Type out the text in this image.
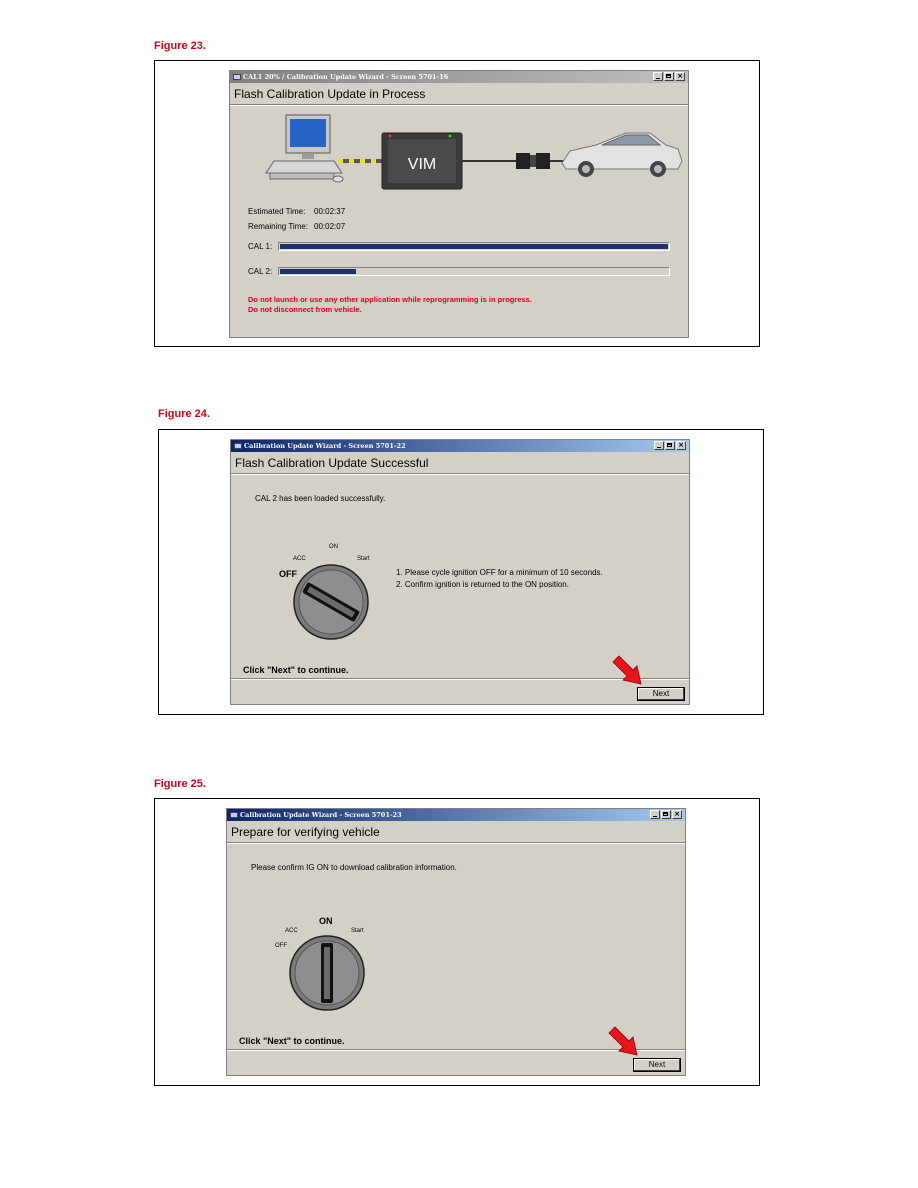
Figure 23.
CAL1 20% / Calibration Update Wizard - Screen 5701-16	×
Flash Calibration Update in Process
VIM
Estimated Time: 00:02:37
Remaining Time: 00:02:07
CAL 1:
CAL 2:
Do not launch or use any other application while reprogramming is in progress.
Do not disconnect from vehicle.
Figure 24.
Calibration Update Wizard - Screen 5701-22	×
Flash Calibration Update Successful
CAL 2 has been loaded successfully.
ON
ACC	Start
OFF	1. Please cycle ignition OFF for a minimum of 10 seconds.
2. Confirm ignition is returned to the ON position.
Click "Next" to continue.
Next
Figure 25.
Calibration Update Wizard - Screen 5701-23	×
Prepare for verifying vehicle
Please confirm IG ON to download calibration information.
ON
ACC	Start
OFF
Click "Next" to continue.
Next
